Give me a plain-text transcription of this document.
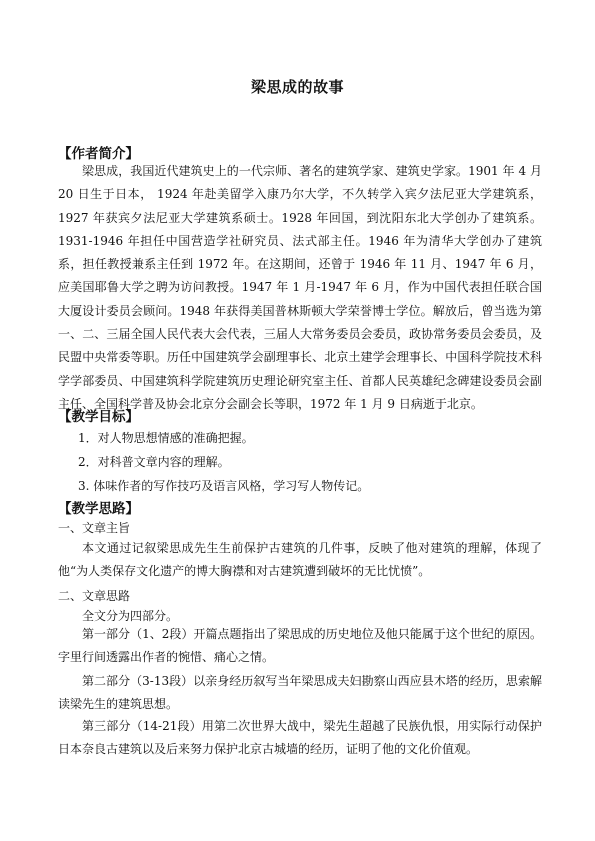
梁思成的故事
【作者简介】

梁思成，我国近代建筑史上的一代宗师、著名的建筑学家、建筑史学家。1901 年 4 月 20 日生于日本， 1924 年赴美留学入康乃尔大学，不久转学入宾夕法尼亚大学建筑系， 1927 年获宾夕法尼亚大学建筑系硕士。1928 年回国，到沈阳东北大学创办了建筑系。1931-1946 年担任中国营造学社研究员、法式部主任。1946 年为清华大学创办了建筑系，担任教授兼系主任到 1972 年。在这期间，还曾于 1946 年 11 月、1947 年 6 月，应美国耶鲁大学之聘为访问教授。1947 年 1 月-1947 年 6 月，作为中国代表担任联合国大厦设计委员会顾问。1948 年获得美国普林斯顿大学荣誉博士学位。解放后，曾当选为第一、二、三届全国人民代表大会代表，三届人大常务委员会委员，政协常务委员会委员，及民盟中央常委等职。历任中国建筑学会副理事长、北京土建学会理事长、中国科学院技术科学学部委员、中国建筑科学院建筑历史理论研究室主任、首都人民英雄纪念碑建设委员会副主任、全国科学普及协会北京分会副会长等职，1972 年 1 月 9 日病逝于北京。

【教学目标】

1．对人物思想情感的准确把握。

2．对科普文章内容的理解。

3. 体味作者的写作技巧及语言风格，学习写人物传记。

【教学思路】

一、文章主旨

本文通过记叙梁思成先生生前保护古建筑的几件事，反映了他对建筑的理解，体现了他“为人类保存文化遗产的博大胸襟和对古建筑遭到破坏的无比忧愤”。

二、文章思路

全文分为四部分。

第一部分（1、2段）开篇点题指出了梁思成的历史地位及他只能属于这个世纪的原因。字里行间透露出作者的惋惜、痛心之情。

第二部分（3-13段）以亲身经历叙写当年梁思成夫妇勘察山西应县木塔的经历，思索解读梁先生的建筑思想。

第三部分（14-21段）用第二次世界大战中，梁先生超越了民族仇恨，用实际行动保护日本奈良古建筑以及后来努力保护北京古城墙的经历，证明了他的文化价值观。
